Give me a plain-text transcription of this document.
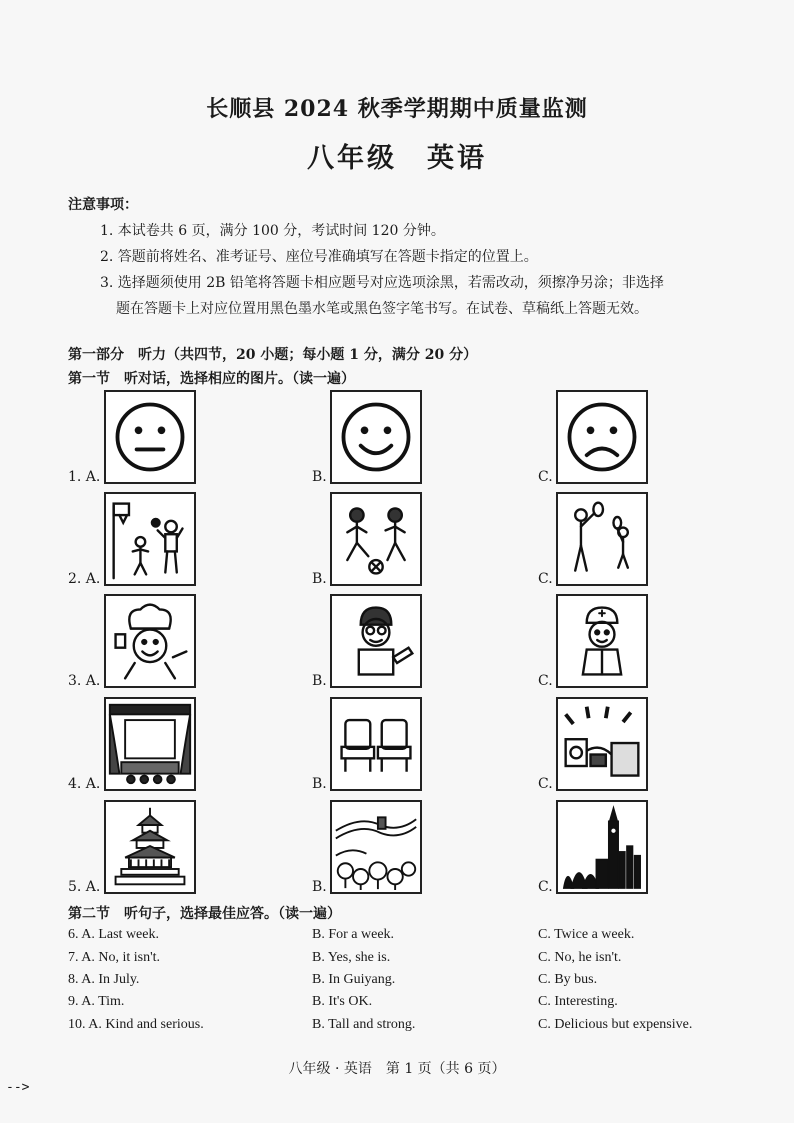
长顺县 2024 秋季学期期中质量监测
八年级　英语
注意事项：
1. 本试卷共 6 页，满分 100 分，考试时间 120 分钟。
2. 答题前将姓名、准考证号、座位号准确填写在答题卡指定的位置上。
3. 选择题须使用 2B 铅笔将答题卡相应题号对应选项涂黑，若需改动，须擦净另涂；非选择
题在答题卡上对应位置用黑色墨水笔或黑色签字笔书写。在试卷、草稿纸上答题无效。
第一部分　听力（共四节，20 小题；每小题 1 分，满分 20 分）
第一节　听对话，选择相应的图片。（读一遍）
1. A.	B.	C.
2. A.	B.	C.
3. A.	B.	C.
4. A.	B.	C.
5. A.	B.	C.
第二节　听句子，选择最佳应答。（读一遍）
6. A. Last week.	B. For a week.	C. Twice a week.
7. A. No, it isn't.	B. Yes, she is.	C. No, he isn't.
8. A. In July.	B. In Guiyang.	C. By bus.
9. A. Tim.	B. It's OK.	C. Interesting.
10. A. Kind and serious.	B. Tall and strong.	C. Delicious but expensive.
八年级 · 英语　第 1 页（共 6 页）
-->
